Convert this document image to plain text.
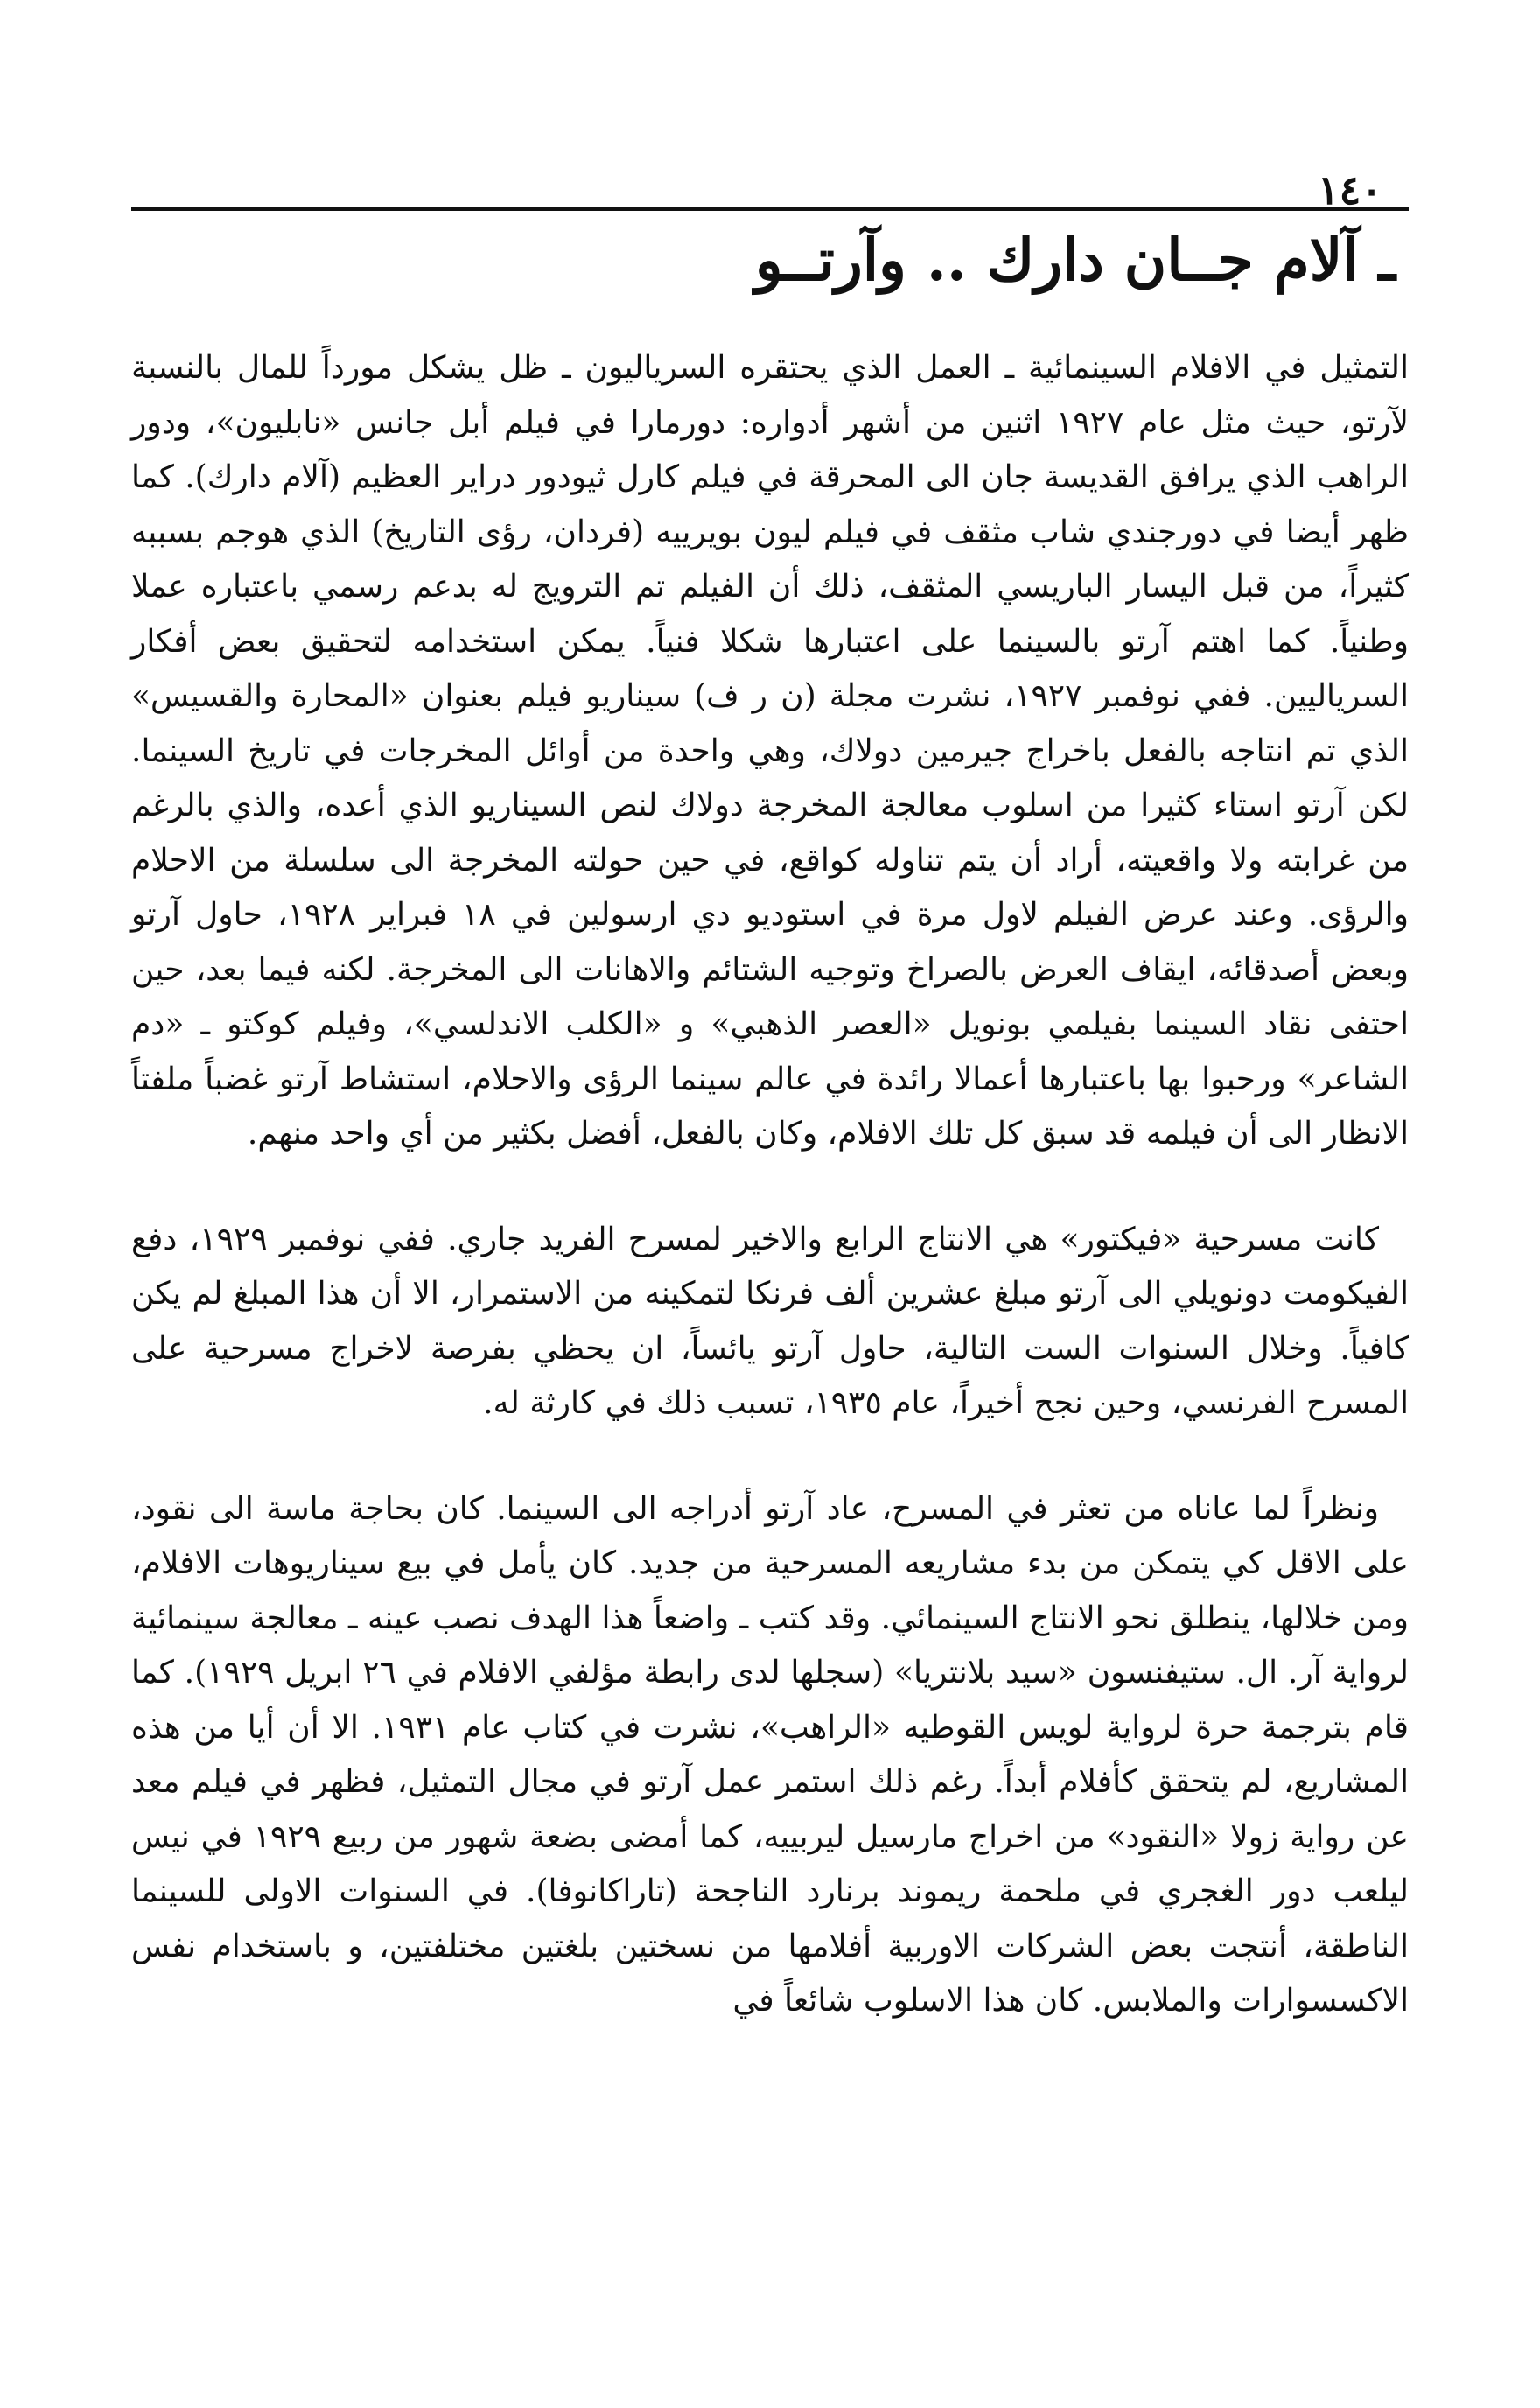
١٤٠
ـ آلام جــان دارك .. وآرتــو

التمثيل في الافلام السينمائية ـ العمل الذي يحتقره السرياليون ـ ظل يشكل مورداً للمال بالنسبة لآرتو، حيث مثل عام ١٩٢٧ اثنين من أشهر أدواره: دورمارا في فيلم أبل جانس «نابليون»، ودور الراهب الذي يرافق القديسة جان الى المحرقة في فيلم كارل ثيودور دراير العظيم (آلام دارك). كما ظهر أيضا في دورجندي شاب مثقف في فيلم ليون بويرييه (فردان، رؤى التاريخ) الذي هوجم بسببه كثيراً، من قبل اليسار الباريسي المثقف، ذلك أن الفيلم تم الترويج له بدعم رسمي باعتباره عملا وطنياً. كما اهتم آرتو بالسينما على اعتبارها شكلا فنياً. يمكن استخدامه لتحقيق بعض أفكار السرياليين. ففي نوفمبر ١٩٢٧، نشرت مجلة (ن ر ف) سيناريو فيلم بعنوان «المحارة والقسيس» الذي تم انتاجه بالفعل باخراج جيرمين دولاك، وهي واحدة من أوائل المخرجات في تاريخ السينما. لكن آرتو استاء كثيرا من اسلوب معالجة المخرجة دولاك لنص السيناريو الذي أعده، والذي بالرغم من غرابته ولا واقعيته، أراد أن يتم تناوله كواقع، في حين حولته المخرجة الى سلسلة من الاحلام والرؤى. وعند عرض الفيلم لاول مرة في استوديو دي ارسولين في ١٨ فبراير ١٩٢٨، حاول آرتو وبعض أصدقائه، ايقاف العرض بالصراخ وتوجيه الشتائم والاهانات الى المخرجة. لكنه فيما بعد، حين احتفى نقاد السينما بفيلمي بونويل «العصر الذهبي» و «الكلب الاندلسي»، وفيلم كوكتو ـ «دم الشاعر» ورحبوا بها باعتبارها أعمالا رائدة في عالم سينما الرؤى والاحلام، استشاط آرتو غضباً ملفتاً الانظار الى أن فيلمه قد سبق كل تلك الافلام، وكان بالفعل، أفضل بكثير من أي واحد منهم.

كانت مسرحية «فيكتور» هي الانتاج الرابع والاخير لمسرح الفريد جاري. ففي نوفمبر ١٩٢٩، دفع الفيكومت دونويلي الى آرتو مبلغ عشرين ألف فرنكا لتمكينه من الاستمرار، الا أن هذا المبلغ لم يكن كافياً. وخلال السنوات الست التالية، حاول آرتو يائساً، ان يحظي بفرصة لاخراج مسرحية على المسرح الفرنسي، وحين نجح أخيراً، عام ١٩٣٥، تسبب ذلك في كارثة له.

ونظراً لما عاناه من تعثر في المسرح، عاد آرتو أدراجه الى السينما. كان بحاجة ماسة الى نقود، على الاقل كي يتمكن من بدء مشاريعه المسرحية من جديد. كان يأمل في بيع سيناريوهات الافلام، ومن خلالها، ينطلق نحو الانتاج السينمائي. وقد كتب ـ واضعاً هذا الهدف نصب عينه ـ معالجة سينمائية لرواية آر. ال. ستيفنسون «سيد بلانتريا» (سجلها لدى رابطة مؤلفي الافلام في ٢٦ ابريل ١٩٢٩). كما قام بترجمة حرة لرواية لويس القوطيه «الراهب»، نشرت في كتاب عام ١٩٣١. الا أن أيا من هذه المشاريع، لم يتحقق كأفلام أبداً. رغم ذلك استمر عمل آرتو في مجال التمثيل، فظهر في فيلم معد عن رواية زولا «النقود» من اخراج مارسيل ليربييه، كما أمضى بضعة شهور من ربيع ١٩٢٩ في نيس ليلعب دور الغجري في ملحمة ريموند برنارد الناجحة (تاراكانوفا). في السنوات الاولى للسينما الناطقة، أنتجت بعض الشركات الاوربية أفلامها من نسختين بلغتين مختلفتين، و باستخدام نفس الاكسسوارات والملابس. كان هذا الاسلوب شائعاً في
